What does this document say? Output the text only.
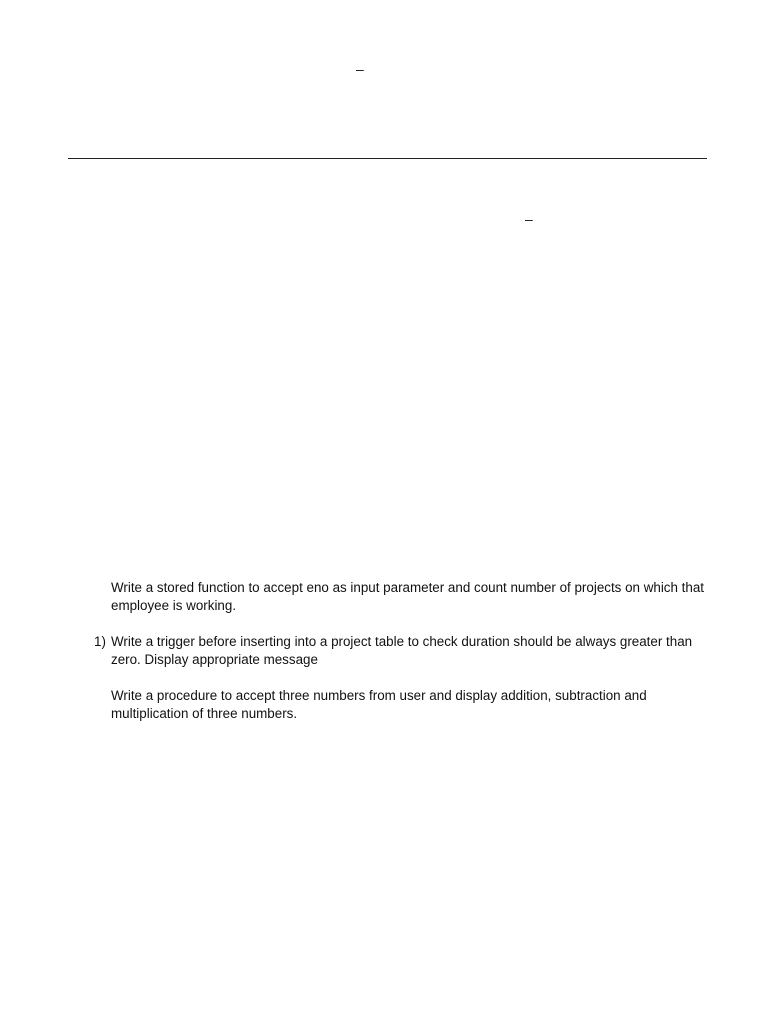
–
–
Write a stored function to accept eno as input parameter and count number of projects on which that employee is working.
1) Write a trigger before inserting into a project table to check duration should be always greater than zero. Display appropriate message
Write a procedure to accept three numbers from user and display addition, subtraction and multiplication of three numbers.
